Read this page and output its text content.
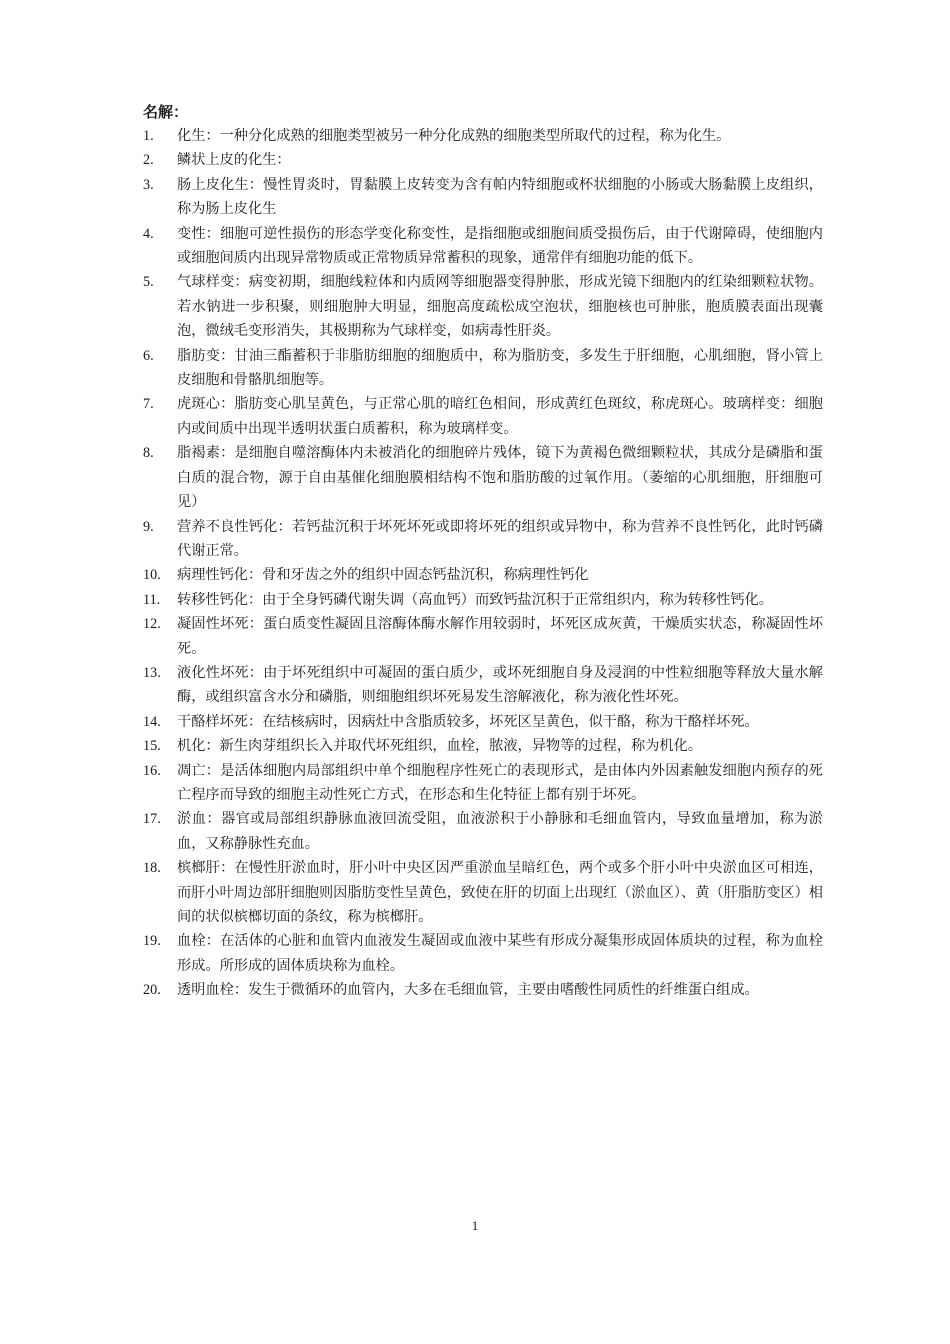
名解：
1.	化生：一种分化成熟的细胞类型被另一种分化成熟的细胞类型所取代的过程，称为化生。
2.	鳞状上皮的化生：
3.	肠上皮化生：慢性胃炎时，胃黏膜上皮转变为含有帕内特细胞或杯状细胞的小肠或大肠黏膜上皮组织，称为肠上皮化生
4.	变性：细胞可逆性损伤的形态学变化称变性，是指细胞或细胞间质受损伤后，由于代谢障碍，使细胞内或细胞间质内出现异常物质或正常物质异常蓄积的现象，通常伴有细胞功能的低下。
5.	气球样变：病变初期，细胞线粒体和内质网等细胞器变得肿胀，形成光镜下细胞内的红染细颗粒状物。若水钠进一步积聚，则细胞肿大明显，细胞高度疏松成空泡状，细胞核也可肿胀，胞质膜表面出现囊泡，微绒毛变形消失，其极期称为气球样变，如病毒性肝炎。
6.	脂肪变：甘油三酯蓄积于非脂肪细胞的细胞质中，称为脂肪变，多发生于肝细胞，心肌细胞，肾小管上皮细胞和骨骼肌细胞等。
7.	虎斑心：脂肪变心肌呈黄色，与正常心肌的暗红色相间，形成黄红色斑纹，称虎斑心。玻璃样变：细胞内或间质中出现半透明状蛋白质蓄积，称为玻璃样变。
8.	脂褐素：是细胞自噬溶酶体内未被消化的细胞碎片残体，镜下为黄褐色微细颗粒状，其成分是磷脂和蛋白质的混合物，源于自由基催化细胞膜相结构不饱和脂肪酸的过氧作用。（萎缩的心肌细胞，肝细胞可见）
9.	营养不良性钙化：若钙盐沉积于坏死坏死或即将坏死的组织或异物中，称为营养不良性钙化，此时钙磷代谢正常。
10.	病理性钙化：骨和牙齿之外的组织中固态钙盐沉积，称病理性钙化
11.	转移性钙化：由于全身钙磷代谢失调（高血钙）而致钙盐沉积于正常组织内，称为转移性钙化。
12.	凝固性坏死：蛋白质变性凝固且溶酶体酶水解作用较弱时，坏死区成灰黄，干燥质实状态，称凝固性坏死。
13.	液化性坏死：由于坏死组织中可凝固的蛋白质少，或坏死细胞自身及浸润的中性粒细胞等释放大量水解酶，或组织富含水分和磷脂，则细胞组织坏死易发生溶解液化，称为液化性坏死。
14.	干酪样坏死：在结核病时，因病灶中含脂质较多，坏死区呈黄色，似干酪，称为干酪样坏死。
15.	机化：新生肉芽组织长入并取代坏死组织，血栓，脓液，异物等的过程，称为机化。
16.	凋亡：是活体细胞内局部组织中单个细胞程序性死亡的表现形式，是由体内外因素触发细胞内预存的死亡程序而导致的细胞主动性死亡方式，在形态和生化特征上都有别于坏死。
17.	淤血：器官或局部组织静脉血液回流受阻，血液淤积于小静脉和毛细血管内，导致血量增加，称为淤血，又称静脉性充血。
18.	槟榔肝：在慢性肝淤血时，肝小叶中央区因严重淤血呈暗红色，两个或多个肝小叶中央淤血区可相连，而肝小叶周边部肝细胞则因脂肪变性呈黄色，致使在肝的切面上出现红（淤血区）、黄（肝脂肪变区）相间的状似槟榔切面的条纹，称为槟榔肝。
19.	血栓：在活体的心脏和血管内血液发生凝固或血液中某些有形成分凝集形成固体质块的过程，称为血栓形成。所形成的固体质块称为血栓。
20.	透明血栓：发生于微循环的血管内，大多在毛细血管，主要由嗜酸性同质性的纤维蛋白组成。
1
